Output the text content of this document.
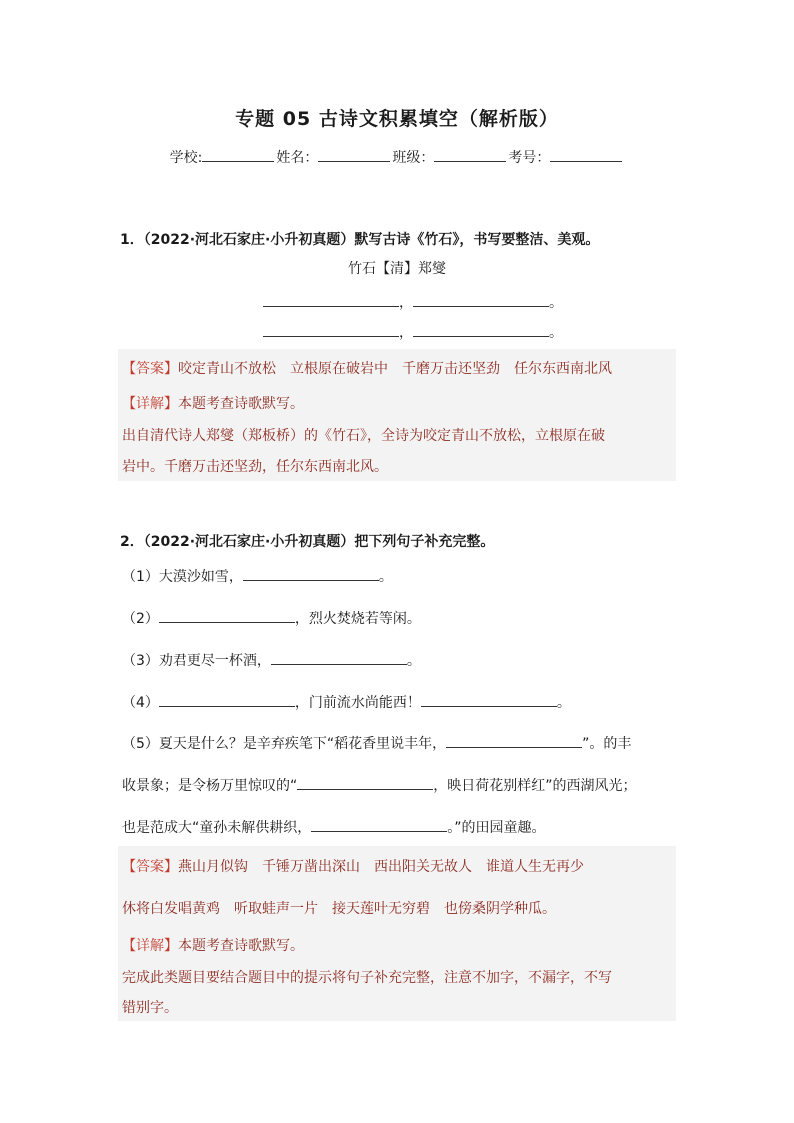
专题 05 古诗文积累填空（解析版）
学校:	姓名：	班级：	考号：
1．（2022·河北石家庄·小升初真题）默写古诗《竹石》，书写要整洁、美观。
竹石【清】郑燮
，	。
，	。
【答案】咬定青山不放松　立根原在破岩中　千磨万击还坚劲　任尔东西南北风
【详解】本题考查诗歌默写。
出自清代诗人郑燮（郑板桥）的《竹石》，全诗为咬定青山不放松，立根原在破
岩中。千磨万击还坚劲，任尔东西南北风。
2．（2022·河北石家庄·小升初真题）把下列句子补充完整。
（1）大漠沙如雪，	。
（2）	，烈火焚烧若等闲。
（3）劝君更尽一杯酒，	。
（4）	，门前流水尚能西！	。
（5）夏天是什么？是辛弃疾笔下“稻花香里说丰年，	”。的丰
收景象；是令杨万里惊叹的“	，映日荷花别样红”的西湖风光；
也是范成大“童孙未解供耕织，	。”的田园童趣。
【答案】燕山月似钩　千锤万凿出深山　西出阳关无故人　谁道人生无再少
休将白发唱黄鸡　听取蛙声一片　接天莲叶无穷碧　也傍桑阴学种瓜。
【详解】本题考查诗歌默写。
完成此类题目要结合题目中的提示将句子补充完整，注意不加字，不漏字，不写
错别字。
